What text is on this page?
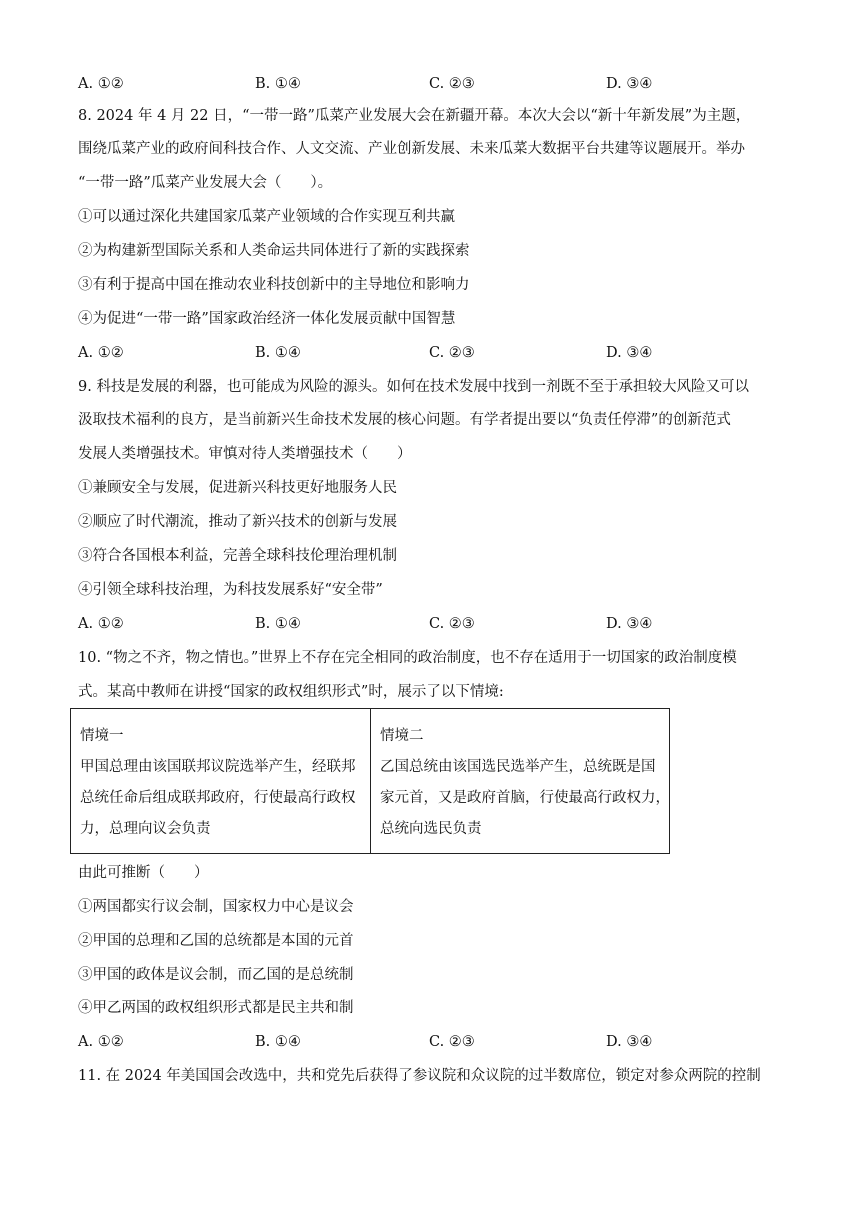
A. ①②	B. ①④	C. ②③	D. ③④
8. 2024 年 4 月 22 日，“一带一路”瓜菜产业发展大会在新疆开幕。本次大会以“新十年新发展”为主题，
围绕瓜菜产业的政府间科技合作、人文交流、产业创新发展、未来瓜菜大数据平台共建等议题展开。举办
“一带一路”瓜菜产业发展大会（　　）。
①可以通过深化共建国家瓜菜产业领域的合作实现互利共赢
②为构建新型国际关系和人类命运共同体进行了新的实践探索
③有利于提高中国在推动农业科技创新中的主导地位和影响力
④为促进“一带一路”国家政治经济一体化发展贡献中国智慧
A. ①②	B. ①④	C. ②③	D. ③④
9. 科技是发展的利器，也可能成为风险的源头。如何在技术发展中找到一剂既不至于承担较大风险又可以
汲取技术福利的良方，是当前新兴生命技术发展的核心问题。有学者提出要以“负责任停滞”的创新范式
发展人类增强技术。审慎对待人类增强技术（　　）
①兼顾安全与发展，促进新兴科技更好地服务人民
②顺应了时代潮流，推动了新兴技术的创新与发展
③符合各国根本利益，完善全球科技伦理治理机制
④引领全球科技治理，为科技发展系好“安全带”
A. ①②	B. ①④	C. ②③	D. ③④
10. “物之不齐，物之情也。”世界上不存在完全相同的政治制度，也不存在适用于一切国家的政治制度模
式。某高中教师在讲授“国家的政权组织形式”时，展示了以下情境:
情境一
甲国总理由该国联邦议院选举产生，经联邦
总统任命后组成联邦政府，行使最高行政权
力，总理向议会负责
情境二
乙国总统由该国选民选举产生，总统既是国
家元首，又是政府首脑，行使最高行政权力，
总统向选民负责
由此可推断（　　）
①两国都实行议会制，国家权力中心是议会
②甲国的总理和乙国的总统都是本国的元首
③甲国的政体是议会制，而乙国的是总统制
④甲乙两国的政权组织形式都是民主共和制
A. ①②	B. ①④	C. ②③	D. ③④
11. 在 2024 年美国国会改选中，共和党先后获得了参议院和众议院的过半数席位，锁定对参众两院的控制
